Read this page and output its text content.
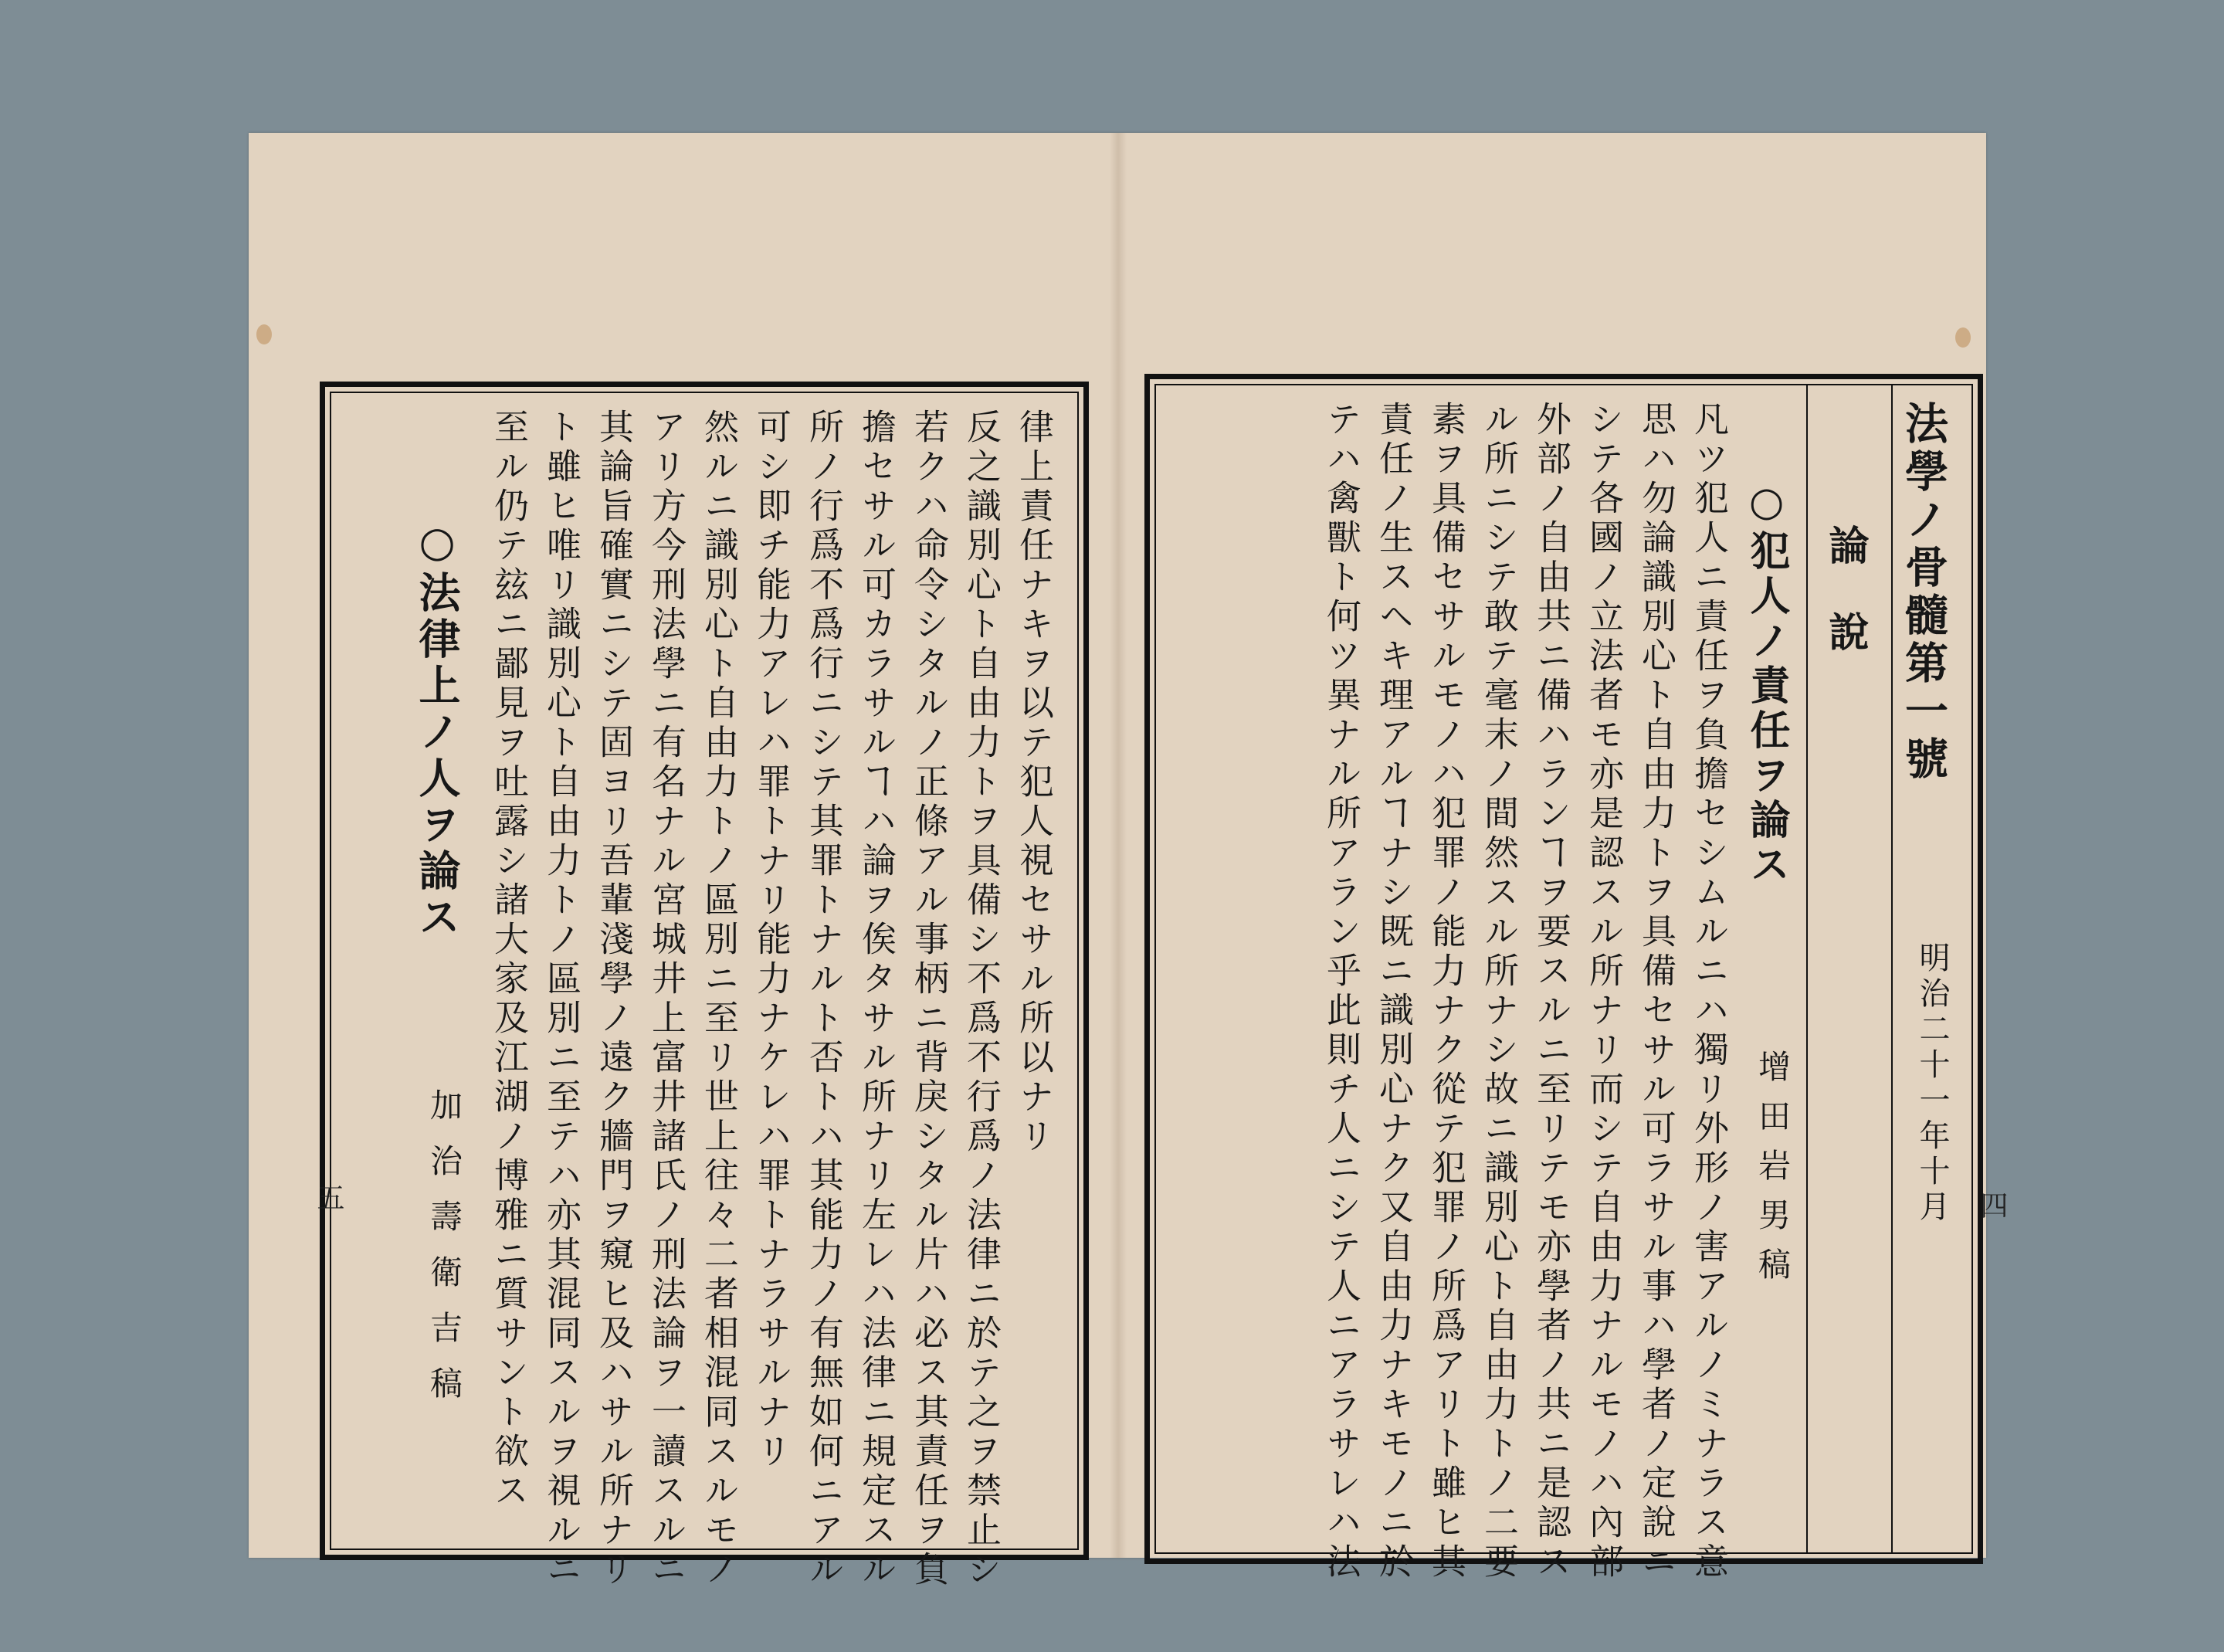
法學ノ骨髓第一號
明治二十一年十月
論說
○犯人ノ責任ヲ論ス
增田岩男稿
凡ツ犯人ニ責任ヲ負擔セシムルニハ獨リ外形ノ害アルノミナラス意
思ハ勿論識別心ト自由力トヲ具備セサル可ラサル事ハ學者ノ定說ニ
シテ各國ノ立法者モ亦是認スル所ナリ而シテ自由力ナルモノハ內部
外部ノ自由共ニ備ハランヿヲ要スルニ至リテモ亦學者ノ共ニ是認ス
ル所ニシテ敢テ毫末ノ間然スル所ナシ故ニ識別心ト自由力トノ二要
素ヲ具備セサルモノハ犯罪ノ能力ナク從テ犯罪ノ所爲アリト雖ヒ其
責任ノ生スヘキ理アルヿナシ既ニ識別心ナク又自由力ナキモノニ於
テハ禽獸ト何ツ異ナル所アラン乎此則チ人ニシテ人ニアラサレハ法	四
律上責任ナキヲ以テ犯人視セサル所以ナリ
反之識別心ト自由力トヲ具備シ不爲不行爲ノ法律ニ於テ之ヲ禁止シ
若クハ命令シタルノ正條アル事柄ニ背戾シタル片ハ必ス其責任ヲ負
擔セサル可カラサルヿハ論ヲ俟タサル所ナリ左レハ法律ニ規定スル
所ノ行爲不爲行ニシテ其罪トナルト否トハ其能力ノ有無如何ニアル
可シ即チ能力アレハ罪トナリ能力ナケレハ罪トナラサルナリ
然ルニ識別心ト自由力トノ區別ニ至リ世上往々二者相混同スルモノ
アリ方今刑法學ニ有名ナル宮城井上富井諸氏ノ刑法論ヲ一讀スルニ
其論旨確實ニシテ固ヨリ吾輩淺學ノ遠ク牆門ヲ窺ヒ及ハサル所ナリ
ト雖ヒ唯リ識別心ト自由力トノ區別ニ至テハ亦其混同スルヲ視ルニ
至ル仍テ玆ニ鄙見ヲ吐露シ諸大家及江湖ノ博雅ニ質サント欲ス
○法律上ノ人ヲ論ス
加治壽衛吉稿
五
